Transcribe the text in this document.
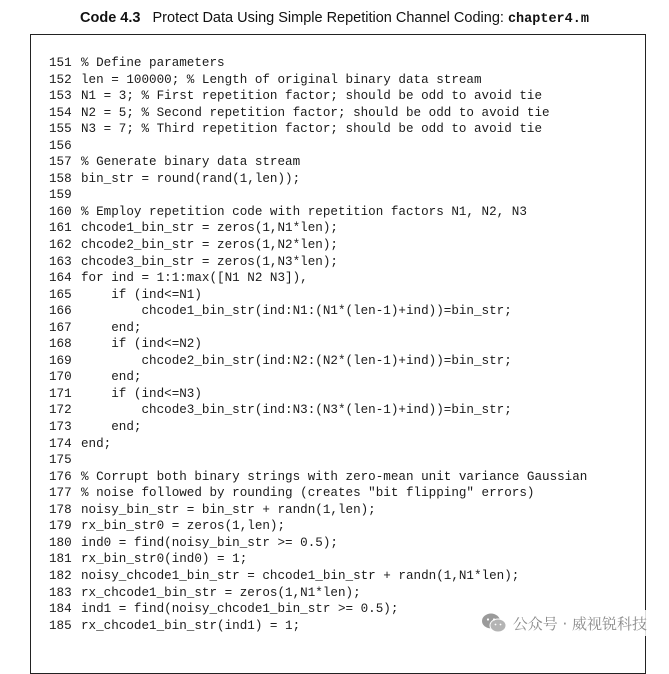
Code 4.3 Protect Data Using Simple Repetition Channel Coding: chapter4.m
151 % Define parameters
152 len = 100000; % Length of original binary data stream
153 N1 = 3; % First repetition factor; should be odd to avoid tie
154 N2 = 5; % Second repetition factor; should be odd to avoid tie
155 N3 = 7; % Third repetition factor; should be odd to avoid tie
156
157 % Generate binary data stream
158 bin_str = round(rand(1,len));
159
160 % Employ repetition code with repetition factors N1, N2, N3
161 chcode1_bin_str = zeros(1,N1*len);
162 chcode2_bin_str = zeros(1,N2*len);
163 chcode3_bin_str = zeros(1,N3*len);
164 for ind = 1:1:max([N1 N2 N3]),
165    if (ind<=N1)
166        chcode1_bin_str(ind:N1:(N1*(len-1)+ind))=bin_str;
167    end;
168    if (ind<=N2)
169        chcode2_bin_str(ind:N2:(N2*(len-1)+ind))=bin_str;
170    end;
171    if (ind<=N3)
172        chcode3_bin_str(ind:N3:(N3*(len-1)+ind))=bin_str;
173    end;
174 end;
175
176 % Corrupt both binary strings with zero-mean unit variance Gaussian
177 % noise followed by rounding (creates "bit flipping" errors)
178 noisy_bin_str = bin_str + randn(1,len);
179 rx_bin_str0 = zeros(1,len);
180 ind0 = find(noisy_bin_str >= 0.5);
181 rx_bin_str0(ind0) = 1;
182 noisy_chcode1_bin_str = chcode1_bin_str + randn(1,N1*len);
183 rx_chcode1_bin_str = zeros(1,N1*len);
184 ind1 = find(noisy_chcode1_bin_str >= 0.5);
185 rx_chcode1_bin_str(ind1) = 1;	公众号 · 威视锐科技
